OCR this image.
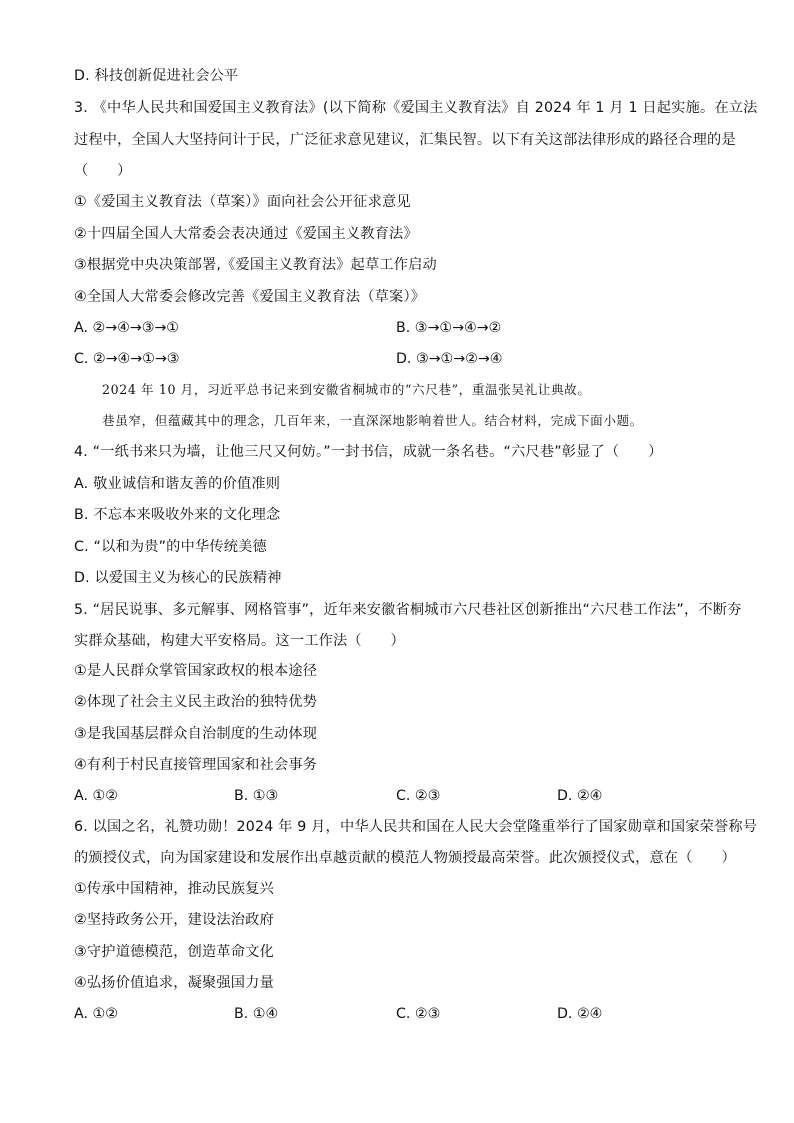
D. 科技创新促进社会公平
3. 《中华人民共和国爱国主义教育法》(以下简称《爱国主义教育法》自 2024 年 1 月 1 日起实施。在立法
过程中，全国人大坚持问计于民，广泛征求意见建议，汇集民智。以下有关这部法律形成的路径合理的是
（　　）
①《爱国主义教育法（草案）》面向社会公开征求意见
②十四届全国人大常委会表决通过《爱国主义教育法》
③根据党中央决策部署,《爱国主义教育法》起草工作启动
④全国人大常委会修改完善《爱国主义教育法（草案）》
A. ②→④→③→①	B. ③→①→④→②
C. ②→④→①→③	D. ③→①→②→④
2024 年 10 月，习近平总书记来到安徽省桐城市的“六尺巷”，重温张吴礼让典故。
巷虽窄，但蕴藏其中的理念，几百年来，一直深深地影响着世人。结合材料，完成下面小题。
4. “一纸书来只为墙，让他三尺又何妨。”一封书信，成就一条名巷。“六尺巷”彰显了（　　）
A. 敬业诚信和谐友善的价值准则
B. 不忘本来吸收外来的文化理念
C. “以和为贵”的中华传统美德
D. 以爱国主义为核心的民族精神
5. “居民说事、多元解事、网格管事”，近年来安徽省桐城市六尺巷社区创新推出“六尺巷工作法”，不断夯
实群众基础，构建大平安格局。这一工作法（　　）
①是人民群众掌管国家政权的根本途径
②体现了社会主义民主政治的独特优势
③是我国基层群众自治制度的生动体现
④有利于村民直接管理国家和社会事务
A. ①②	B. ①③	C. ②③	D. ②④
6. 以国之名，礼赞功勋！2024 年 9 月，中华人民共和国在人民大会堂隆重举行了国家勋章和国家荣誉称号
的颁授仪式，向为国家建设和发展作出卓越贡献的模范人物颁授最高荣誉。此次颁授仪式，意在（　　）
①传承中国精神，推动民族复兴
②坚持政务公开，建设法治政府
③守护道德模范，创造革命文化
④弘扬价值追求，凝聚强国力量
A. ①②	B. ①④	C. ②③	D. ②④
